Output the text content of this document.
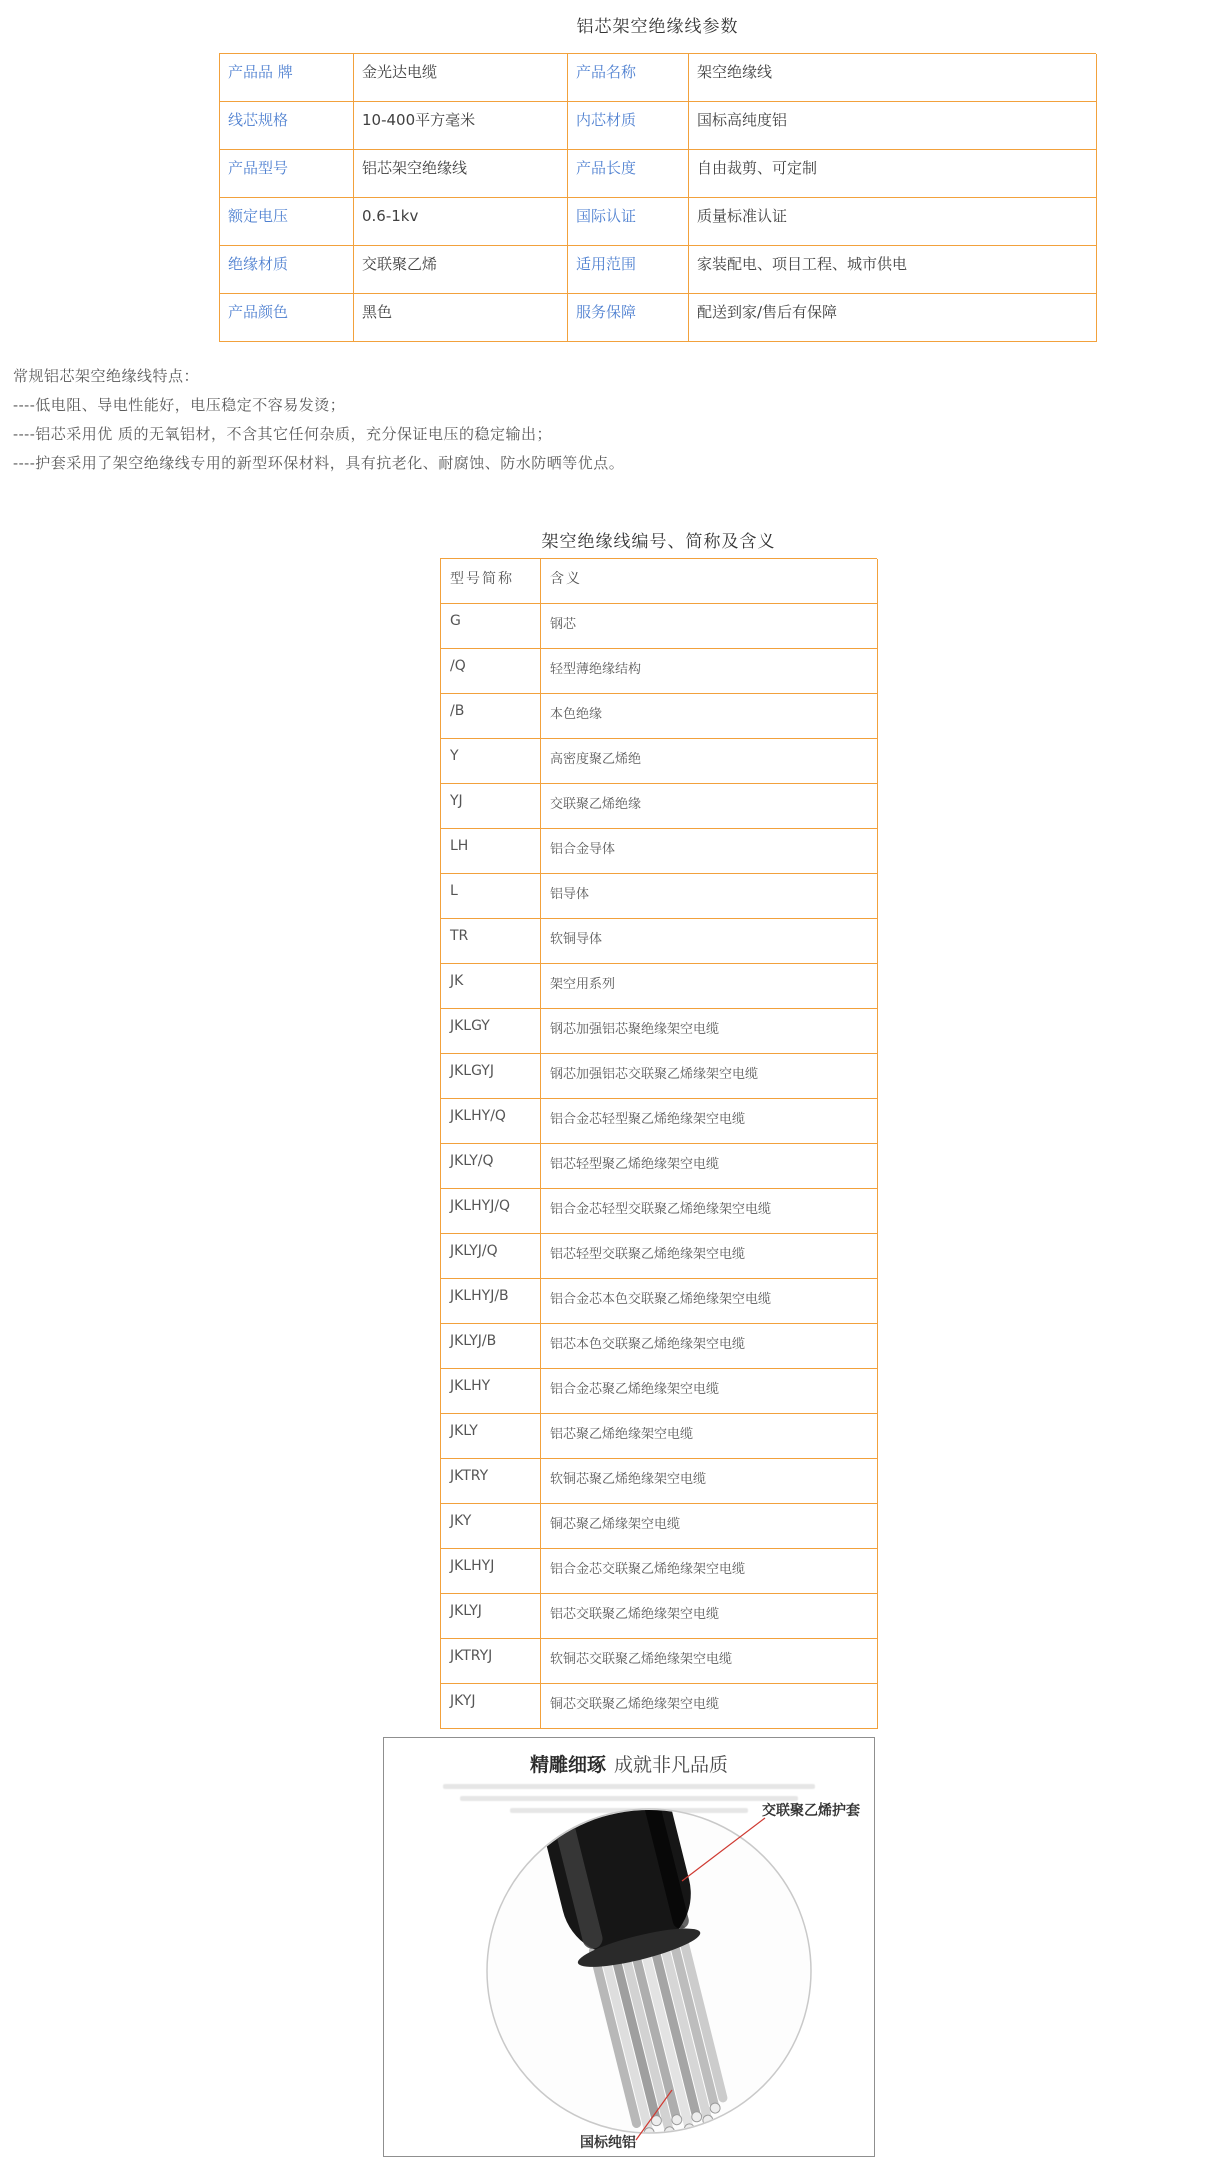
铝芯架空绝缘线参数
产品品 牌	金光达电缆	产品名称	架空绝缘线
线芯规格	10-400平方毫米	内芯材质	国标高纯度铝
产品型号	铝芯架空绝缘线	产品长度	自由裁剪、可定制
额定电压	0.6-1kv	国际认证	质量标准认证
绝缘材质	交联聚乙烯	适用范围	家装配电、项目工程、城市供电
产品颜色	黑色	服务保障	配送到家/售后有保障
常规铝芯架空绝缘线特点：
----低电阻、导电性能好，电压稳定不容易发烫；
----铝芯采用优 质的无氧铝材，不含其它任何杂质，充分保证电压的稳定输出；
----护套采用了架空绝缘线专用的新型环保材料，具有抗老化、耐腐蚀、防水防晒等优点。
架空绝缘线编号、简称及含义
型号简称	含义
G	钢芯
/Q	轻型薄绝缘结构
/B	本色绝缘
Y	高密度聚乙烯绝
YJ	交联聚乙烯绝缘
LH	铝合金导体
L	铝导体
TR	软铜导体
JK	架空用系列
JKLGY	钢芯加强铝芯聚绝缘架空电缆
JKLGYJ	钢芯加强铝芯交联聚乙烯缘架空电缆
JKLHY/Q	铝合金芯轻型聚乙烯绝缘架空电缆
JKLY/Q	铝芯轻型聚乙烯绝缘架空电缆
JKLHYJ/Q	铝合金芯轻型交联聚乙烯绝缘架空电缆
JKLYJ/Q	铝芯轻型交联聚乙烯绝缘架空电缆
JKLHYJ/B	铝合金芯本色交联聚乙烯绝缘架空电缆
JKLYJ/B	铝芯本色交联聚乙烯绝缘架空电缆
JKLHY	铝合金芯聚乙烯绝缘架空电缆
JKLY	铝芯聚乙烯绝缘架空电缆
JKTRY	软铜芯聚乙烯绝缘架空电缆
JKY	铜芯聚乙烯缘架空电缆
JKLHYJ	铝合金芯交联聚乙烯绝缘架空电缆
JKLYJ	铝芯交联聚乙烯绝缘架空电缆
JKTRYJ	软铜芯交联聚乙烯绝缘架空电缆
JKYJ	铜芯交联聚乙烯绝缘架空电缆
精雕细琢 成就非凡品质
交联聚乙烯护套
国标纯铝
